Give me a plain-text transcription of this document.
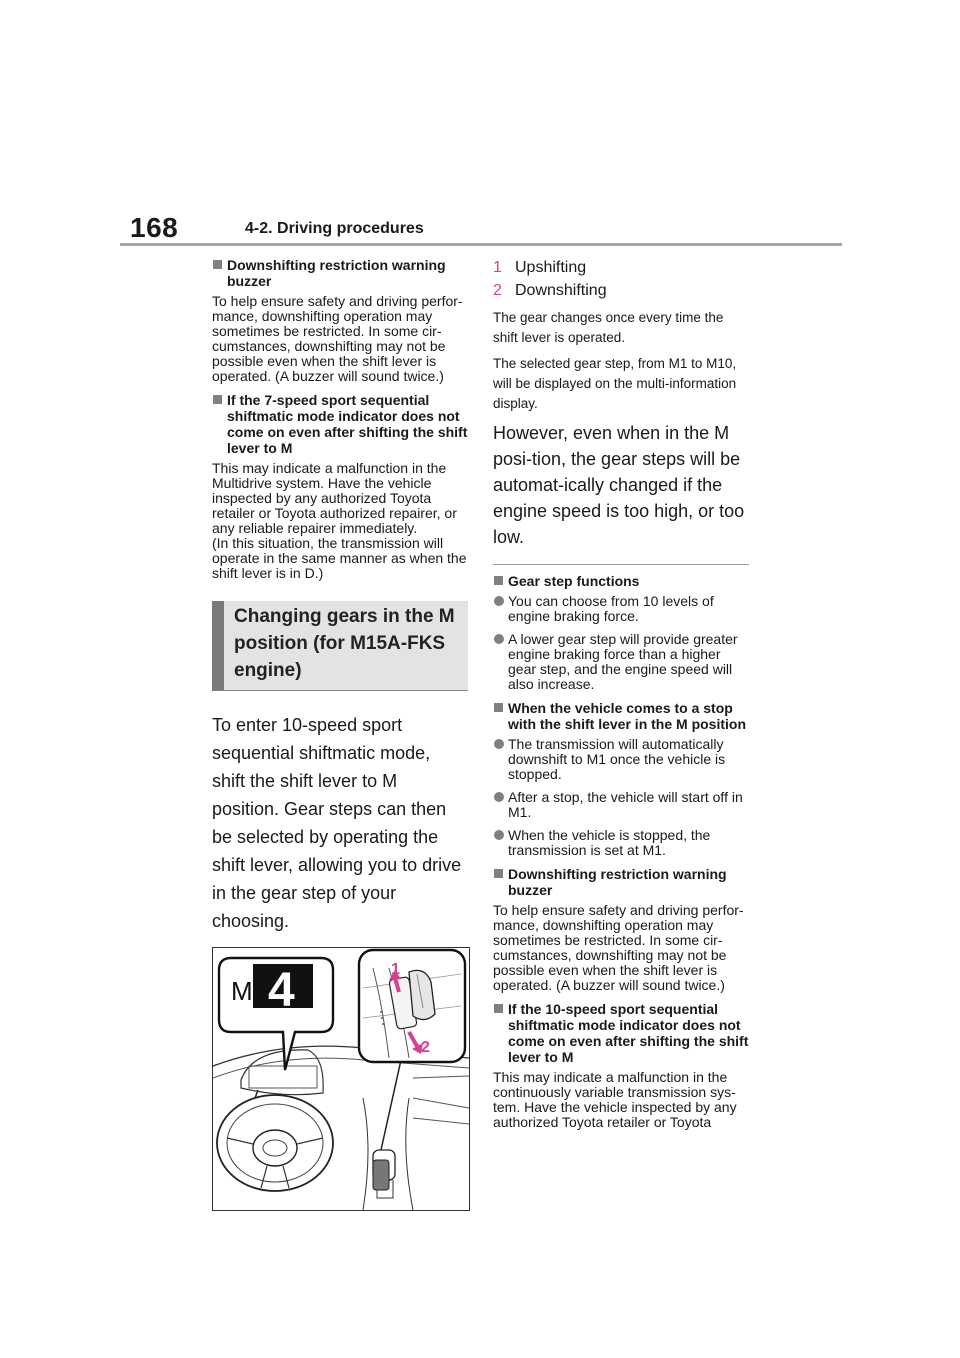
168	4-2. Driving procedures
Downshifting restriction warning buzzer

To help ensure safety and driving perfor-mance, downshifting operation may sometimes be restricted. In some cir-cumstances, downshifting may not be possible even when the shift lever is operated. (A buzzer will sound twice.)

If the 7-speed sport sequential shiftmatic mode indicator does not come on even after shifting the shift lever to M

This may indicate a malfunction in the Multidrive system. Have the vehicle inspected by any authorized Toyota retailer or Toyota authorized repairer, or any reliable repairer immediately.

(In this situation, the transmission will operate in the same manner as when the shift lever is in D.)

Changing gears in the M position (for M15A-FKS engine)

To enter 10-speed sport sequential shiftmatic mode, shift the shift lever to M position. Gear steps can then be selected by operating the shift lever, allowing you to drive in the gear step of your choosing.

M 4	1
2
1 Upshifting
2 Downshifting

The gear changes once every time the shift lever is operated.

The selected gear step, from M1 to M10, will be displayed on the multi-information display.

However, even when in the M posi-tion, the gear steps will be automat-ically changed if the engine speed is too high, or too low.

Gear step functions
You can choose from 10 levels of engine braking force.
A lower gear step will provide greater engine braking force than a higher gear step, and the engine speed will also increase.
When the vehicle comes to a stop with the shift lever in the M position
The transmission will automatically downshift to M1 once the vehicle is stopped.
After a stop, the vehicle will start off in M1.
When the vehicle is stopped, the transmission is set at M1.
Downshifting restriction warning buzzer

To help ensure safety and driving perfor-mance, downshifting operation may sometimes be restricted. In some cir-cumstances, downshifting may not be possible even when the shift lever is operated. (A buzzer will sound twice.)

If the 10-speed sport sequential shiftmatic mode indicator does not come on even after shifting the shift lever to M

This may indicate a malfunction in the continuously variable transmission sys-tem. Have the vehicle inspected by any authorized Toyota retailer or Toyota
